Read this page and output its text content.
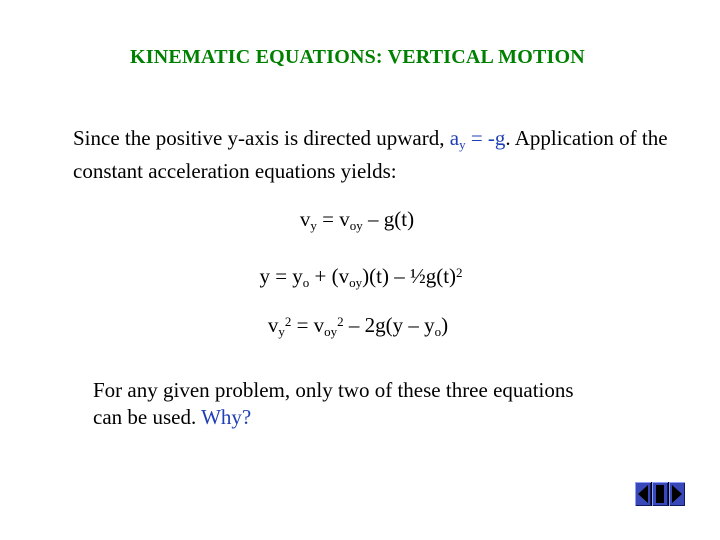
KINEMATIC EQUATIONS: VERTICAL MOTION
Since the positive y-axis is directed upward, $a_y = -g$. Application of the constant acceleration equations yields:
$v_y = v_{oy} - g(t)$
$y = y_o + (v_{oy})(t)$ – $\frac{1}{2}g(t)^2$
$v_y^2 = v_{oy}^2 - 2g(y - y_o)$
For any given problem, only two of these three equations can be used. Why?
